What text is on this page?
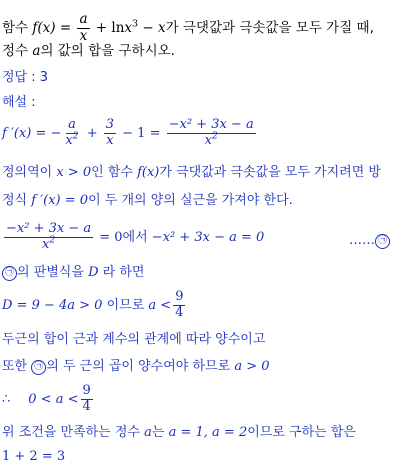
함수 $f(x) = \frac{a}{x} + \ln x^3 - x$가 극댓값과 극솟값을 모두 가질 때,
정수 a의 값의 합을 구하시오.
정답 : 3
해설 :
f ′(x) = − $\frac{a}{x^2} + \frac{3}{x} - 1 = \frac{\text{−x² + 3x − a}}{x^2}$
정의역이 x > 0인 함수 f(x)가 극댓값과 극솟값을 모두 가지려면 방
정식 f ′(x) = 0이 두 개의 양의 실근을 가져야 한다.
$\frac{\text{−x² + 3x − a}}{x^2} = 0$에서 −x² + 3x − a = 0	…… ㉠
㉠ 의 판별식을 D 라 하면
D = 9 − 4a > 0 이므로 $a < \frac{9}{4}$
두근의 합이 근과 계수의 관계에 따라 양수이고
또한 ㉠ 의 두 근의 곱이 양수여야 하므로 a > 0
∴ $0 < a < \frac{9}{4}$
위 조건을 만족하는 정수 a는 a = 1, a = 2이므로 구하는 합은
1 + 2 = 3
